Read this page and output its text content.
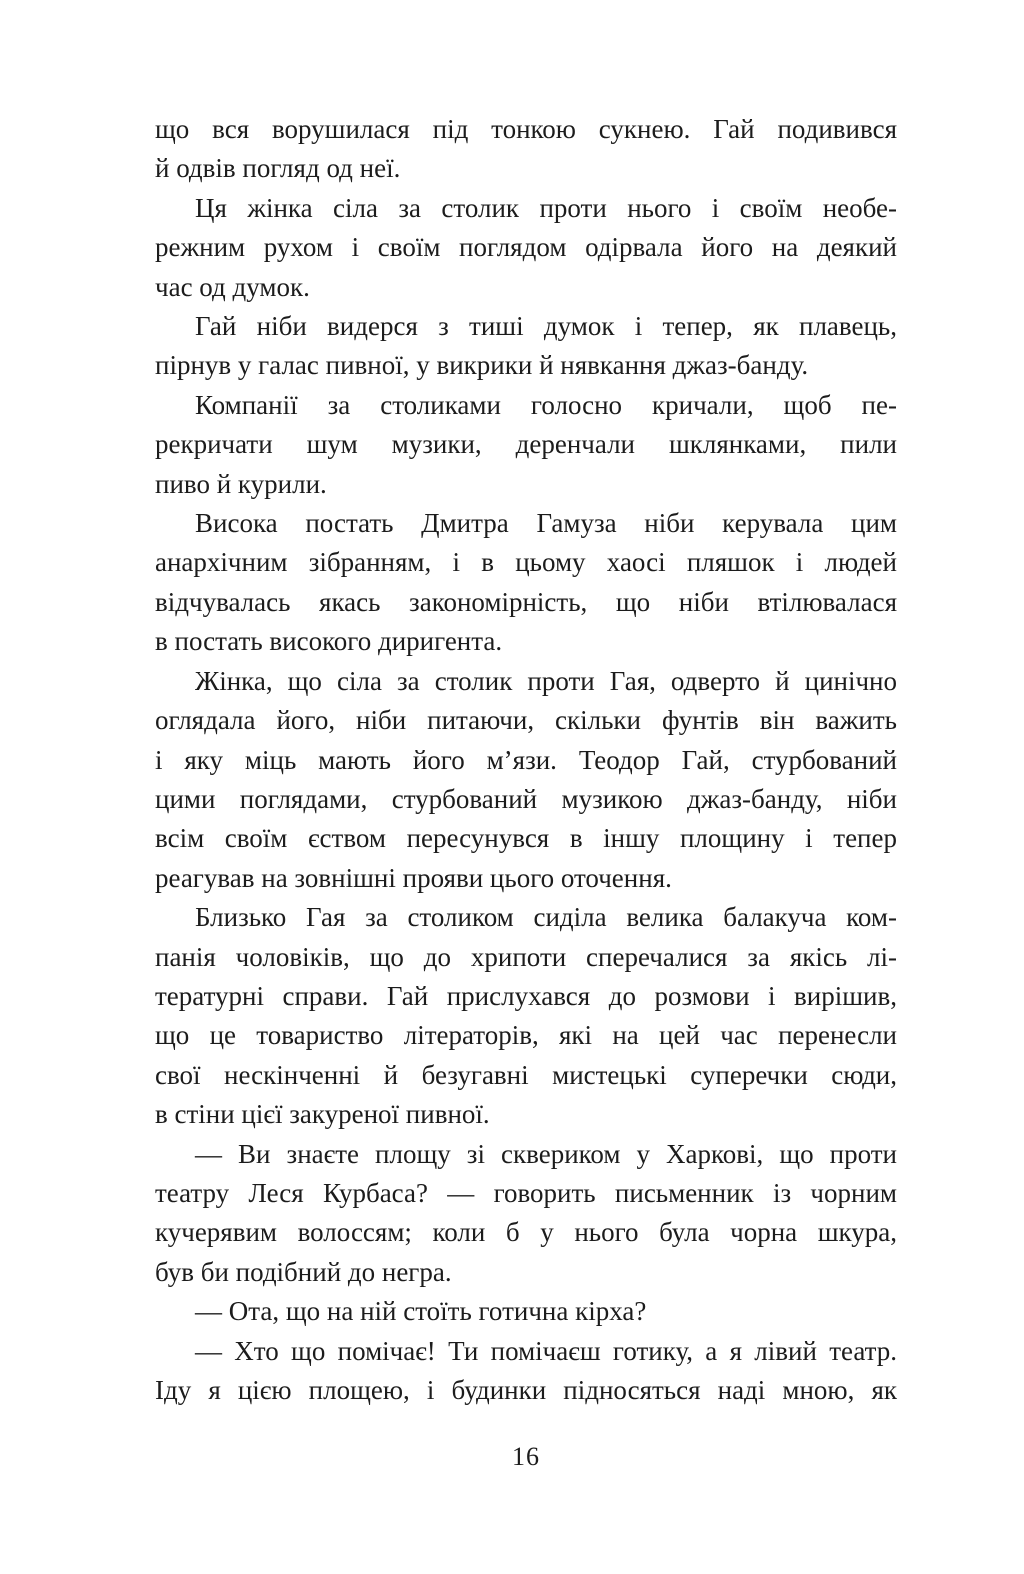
що вся ворушилася під тонкою сукнею. Гай подивився
й одвів погляд од неї.
Ця жінка сіла за столик проти нього і своїм необе-
режним рухом і своїм поглядом одірвала його на деякий
час од думок.
Гай ніби видерся з тиші думок і тепер, як плавець,
пірнув у галас пивної, у викрики й нявкання джаз-банду.
Компанії за столиками голосно кричали, щоб пе-
рекричати шум музики, деренчали шклянками, пили
пиво й курили.
Висока постать Дмитра Гамуза ніби керувала цим
анархічним зібранням, і в цьому хаосі пляшок і людей
відчувалась якась закономірність, що ніби втілювалася
в постать високого диригента.
Жінка, що сіла за столик проти Гая, одверто й цинічно
оглядала його, ніби питаючи, скільки фунтів він важить
і яку міць мають його м’язи. Теодор Гай, стурбований
цими поглядами, стурбований музикою джаз-банду, ніби
всім своїм єством пересунувся в іншу площину і тепер
реагував на зовнішні прояви цього оточення.
Близько Гая за столиком сиділа велика балакуча ком-
панія чоловіків, що до хрипоти сперечалися за якісь лі-
тературні справи. Гай прислухався до розмови і вирішив,
що це товариство літераторів, які на цей час перенесли
свої нескінченні й безугавні мистецькі суперечки сюди,
в стіни цієї закуреної пивної.
— Ви знаєте площу зі сквериком у Харкові, що проти
театру Леся Курбаса? — говорить письменник із чорним
кучерявим волоссям; коли б у нього була чорна шкура,
був би подібний до негра.
— Ота, що на ній стоїть готична кірха?
— Хто що помічає! Ти помічаєш готику, а я лівий театр.
Іду я цією площею, і будинки підносяться наді мною, як
16
